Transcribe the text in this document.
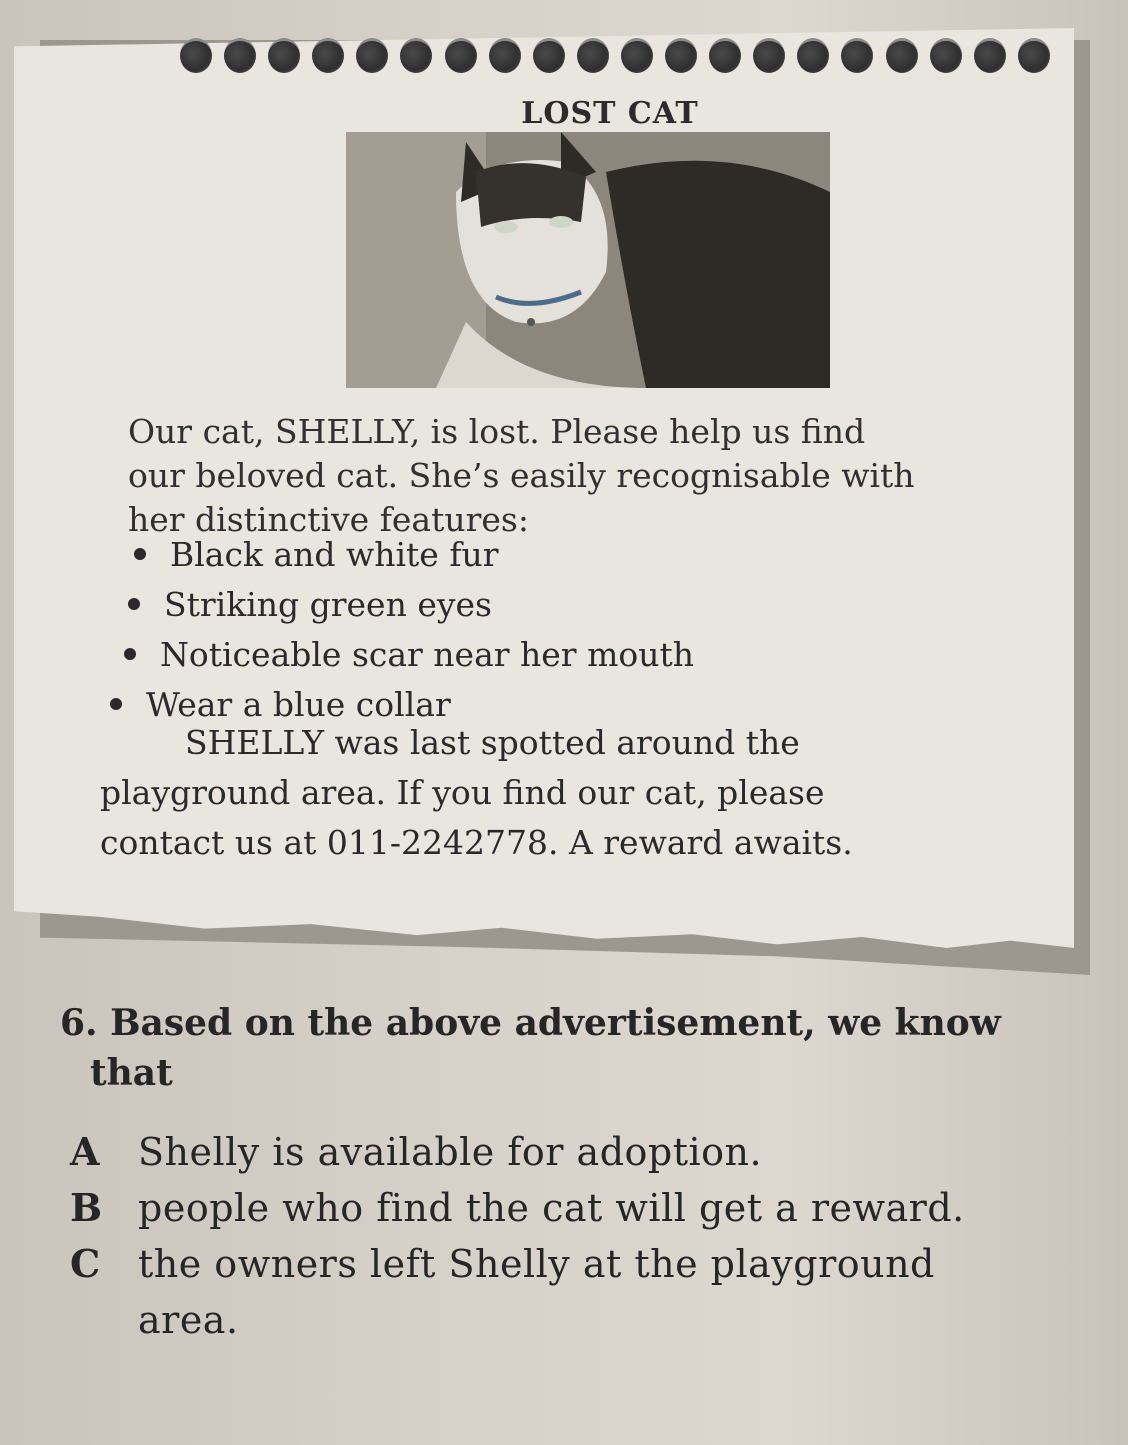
LOST CAT
Our cat, SHELLY, is lost. Please help us find
our beloved cat. She’s easily recognisable with
her distinctive features:
Black and white fur
Striking green eyes
Noticeable scar near her mouth
Wear a blue collar
SHELLY was last spotted around the
playground area. If you find our cat, please
contact us at 011-2242778. A reward awaits.
6. Based on the above advertisement, we know
that
A	Shelly is available for adoption.
B people who find the cat will get a reward.
C the owners left Shelly at the playground
area.
